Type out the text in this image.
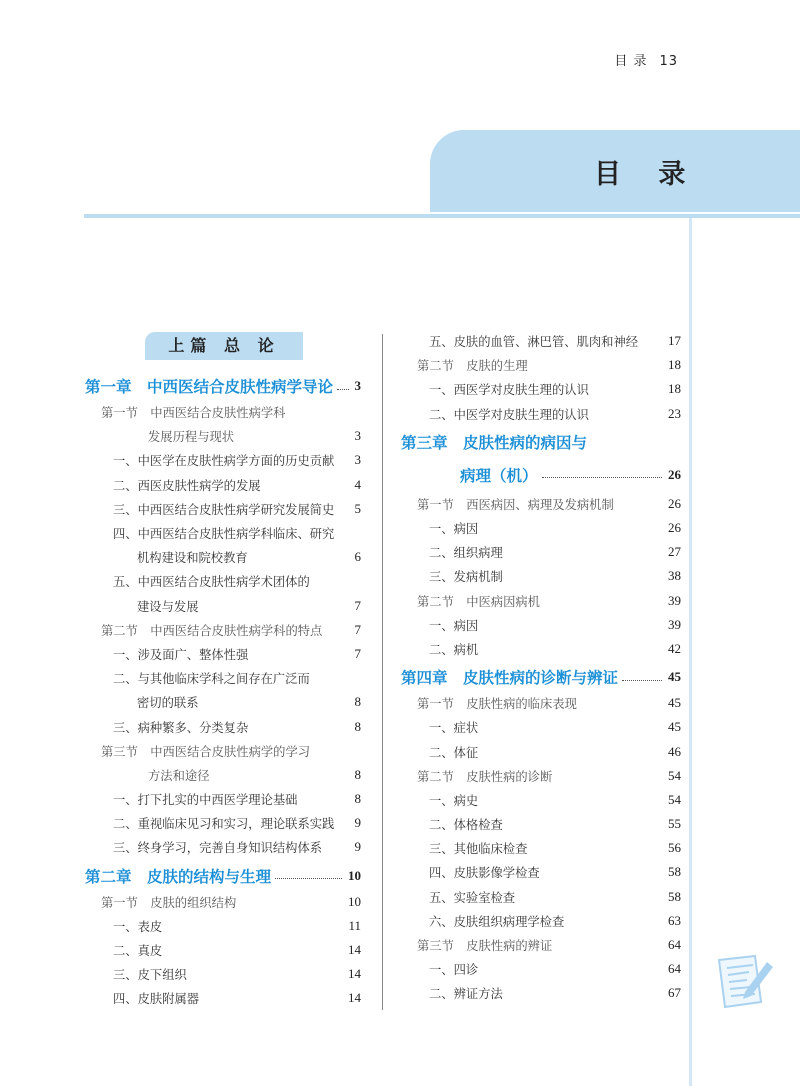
目 录 13
目 录
上篇 总 论
第一章　中西医结合皮肤性病学导论 3
第一节　中西医结合皮肤性病学科
发展历程与现状	3
一、中医学在皮肤性病学方面的历史贡献 3
二、西医皮肤性病学的发展	4
三、中西医结合皮肤性病学研究发展简史 5
四、中西医结合皮肤性病学科临床、研究
机构建设和院校教育	6
五、中西医结合皮肤性病学术团体的
建设与发展	7
第二节　中西医结合皮肤性病学科的特点 7
一、涉及面广、整体性强	7
二、与其他临床学科之间存在广泛而
密切的联系	8
三、病种繁多、分类复杂	8
第三节　中西医结合皮肤性病学的学习
方法和途径	8
一、打下扎实的中西医学理论基础	8
二、重视临床见习和实习，理论联系实践 9
三、终身学习，完善自身知识结构体系 9
第二章　皮肤的结构与生理	10
第一节　皮肤的组织结构	10
一、表皮	11
二、真皮	14
三、皮下组织	14
四、皮肤附属器	14
五、皮肤的血管、淋巴管、肌肉和神经 17
第二节　皮肤的生理	18
一、西医学对皮肤生理的认识	18
二、中医学对皮肤生理的认识	23
第三章　皮肤性病的病因与
病理（机）	26
第一节　西医病因、病理及发病机制	26
一、病因	26
二、组织病理	27
三、发病机制	38
第二节　中医病因病机	39
一、病因	39
二、病机	42
第四章　皮肤性病的诊断与辨证	45
第一节　皮肤性病的临床表现	45
一、症状	45
二、体征	46
第二节　皮肤性病的诊断	54
一、病史	54
二、体格检查	55
三、其他临床检查	56
四、皮肤影像学检查	58
五、实验室检查	58
六、皮肤组织病理学检查	63
第三节　皮肤性病的辨证	64
一、四诊	64
二、辨证方法	67
